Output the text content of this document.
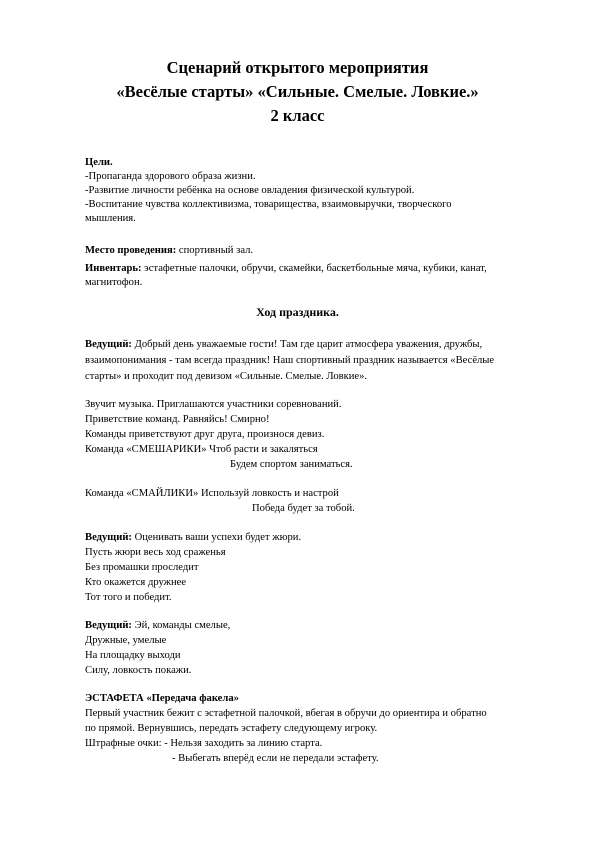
Сценарий открытого мероприятия
«Весёлые старты» «Сильные. Смелые. Ловкие.»
2 класс
Цели.
-Пропаганда здорового образа жизни.
-Развитие личности ребёнка на основе овладения физической культурой.
-Воспитание чувства коллективизма, товарищества, взаимовыручки, творческого
мышления.
Место проведения: спортивный зал.
Инвентарь: эстафетные палочки, обручи, скамейки, баскетбольные мяча, кубики, канат,
магнитофон.
Ход праздника.
Ведущий: Добрый день уважаемые гости! Там где царит атмосфера уважения, дружбы,
взаимопонимания - там всегда праздник! Наш спортивный праздник называется «Весёлые
старты» и проходит под девизом «Сильные. Смелые. Ловкие».
Звучит музыка. Приглашаются участники соревнований.
Приветствие команд. Равняйсь! Смирно!
Команды приветствуют друг друга, произнося девиз.
Команда «СМЕШАРИКИ» Чтоб расти и закаляться
Будем спортом заниматься.
Команда «СМАЙЛИКИ» Используй ловкость и настрой
Победа будет за тобой.
Ведущий: Оценивать ваши успехи будет жюри.
Пусть жюри весь ход сраженья
Без промашки проследит
Кто окажется дружнее
Тот того и победит.
Ведущий: Эй, команды смелые,
Дружные, умелые
На площадку выходи
Силу, ловкость покажи.
ЭСТАФЕТА «Передача факела»
Первый участник бежит с эстафетной палочкой, вбегая в обручи до ориентира и обратно
по прямой. Вернувшись, передать эстафету следующему игроку.
Штрафные очки: - Нельзя заходить за линию старта.
- Выбегать вперёд если не передали эстафету.
